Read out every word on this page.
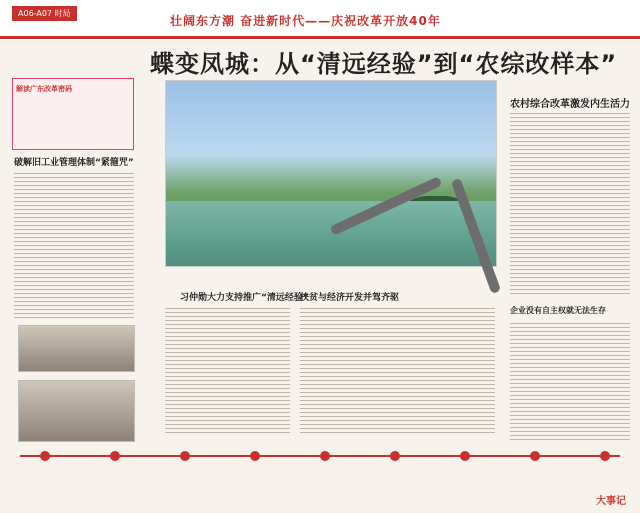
A06-A07 时局
壮阔东方潮 奋进新时代——庆祝改革开放40年
蝶变凤城：从“清远经验”到“农综改样本”
解读广东改革密码
破解旧工业管理体制“紧箍咒”
习仲勋大力支持推广“清远经验”
扶贫与经济开发并驾齐驱
农村综合改革激发内生活力
企业没有自主权就无法生存
大事记
